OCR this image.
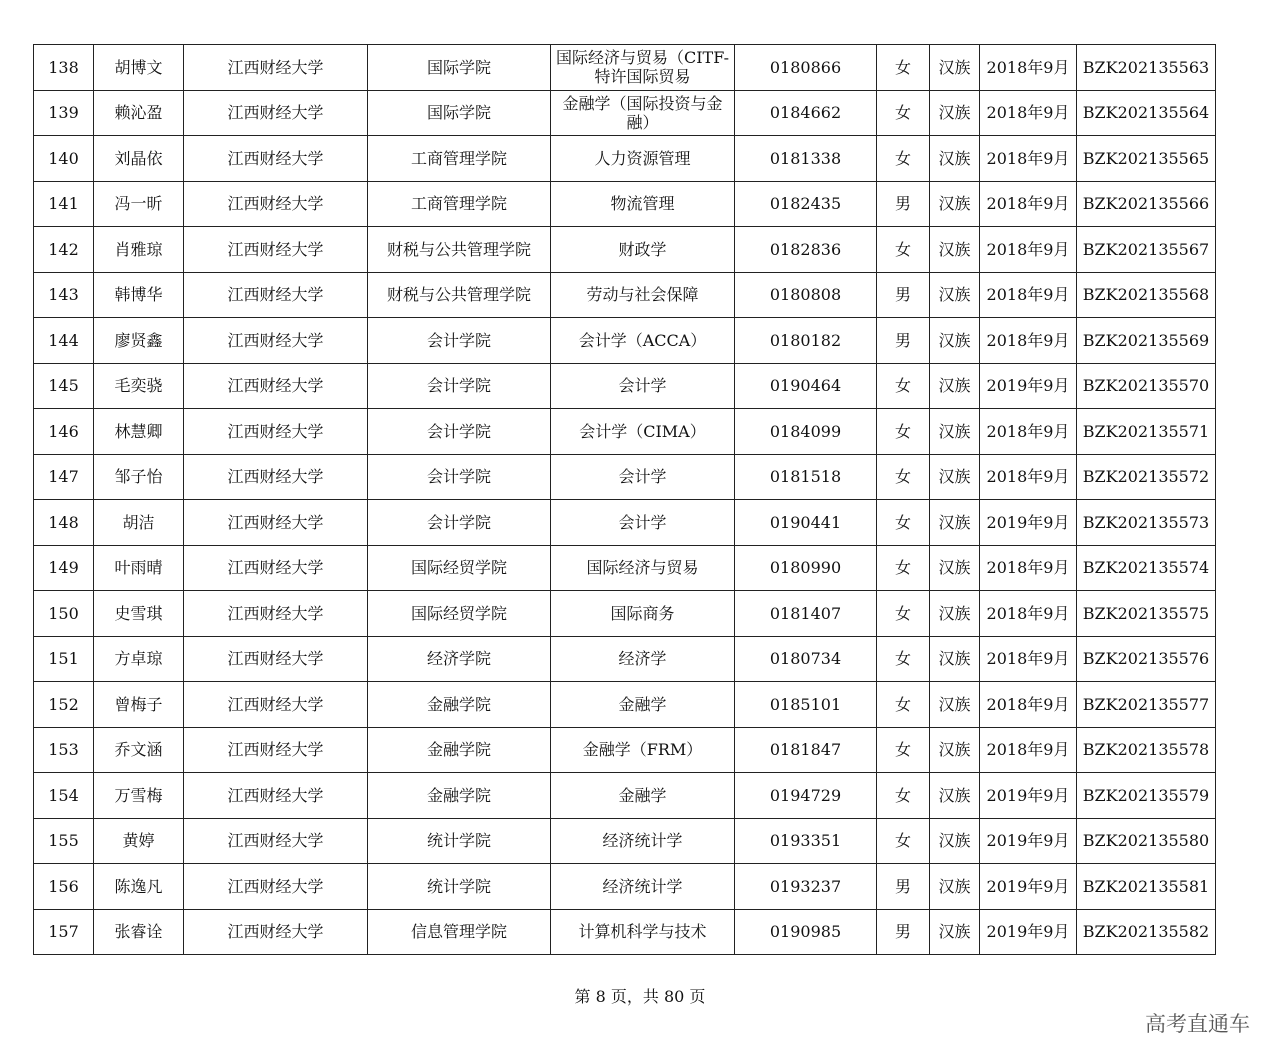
138	胡博文	江西财经大学	国际学院	国际经济与贸易（CITF-特许国际贸易	0180866	女	汉族	2018年9月	BZK202135563
139	赖沁盈	江西财经大学	国际学院	金融学（国际投资与金融）	0184662	女	汉族	2018年9月	BZK202135564
140	刘晶依	江西财经大学	工商管理学院	人力资源管理	0181338	女	汉族	2018年9月	BZK202135565
141	冯一昕	江西财经大学	工商管理学院	物流管理	0182435	男	汉族	2018年9月	BZK202135566
142	肖雅琼	江西财经大学	财税与公共管理学院	财政学	0182836	女	汉族	2018年9月	BZK202135567
143	韩博华	江西财经大学	财税与公共管理学院	劳动与社会保障	0180808	男	汉族	2018年9月	BZK202135568
144	廖贤鑫	江西财经大学	会计学院	会计学（ACCA）	0180182	男	汉族	2018年9月	BZK202135569
145	毛奕骁	江西财经大学	会计学院	会计学	0190464	女	汉族	2019年9月	BZK202135570
146	林慧卿	江西财经大学	会计学院	会计学（CIMA）	0184099	女	汉族	2018年9月	BZK202135571
147	邹子怡	江西财经大学	会计学院	会计学	0181518	女	汉族	2018年9月	BZK202135572
148	胡洁	江西财经大学	会计学院	会计学	0190441	女	汉族	2019年9月	BZK202135573
149	叶雨晴	江西财经大学	国际经贸学院	国际经济与贸易	0180990	女	汉族	2018年9月	BZK202135574
150	史雪琪	江西财经大学	国际经贸学院	国际商务	0181407	女	汉族	2018年9月	BZK202135575
151	方卓琼	江西财经大学	经济学院	经济学	0180734	女	汉族	2018年9月	BZK202135576
152	曾梅子	江西财经大学	金融学院	金融学	0185101	女	汉族	2018年9月	BZK202135577
153	乔文涵	江西财经大学	金融学院	金融学（FRM）	0181847	女	汉族	2018年9月	BZK202135578
154	万雪梅	江西财经大学	金融学院	金融学	0194729	女	汉族	2019年9月	BZK202135579
155	黄婷	江西财经大学	统计学院	经济统计学	0193351	女	汉族	2019年9月	BZK202135580
156	陈逸凡	江西财经大学	统计学院	经济统计学	0193237	男	汉族	2019年9月	BZK202135581
157	张睿诠	江西财经大学	信息管理学院	计算机科学与技术	0190985	男	汉族	2019年9月	BZK202135582
第 8 页，共 80 页
高考直通车
